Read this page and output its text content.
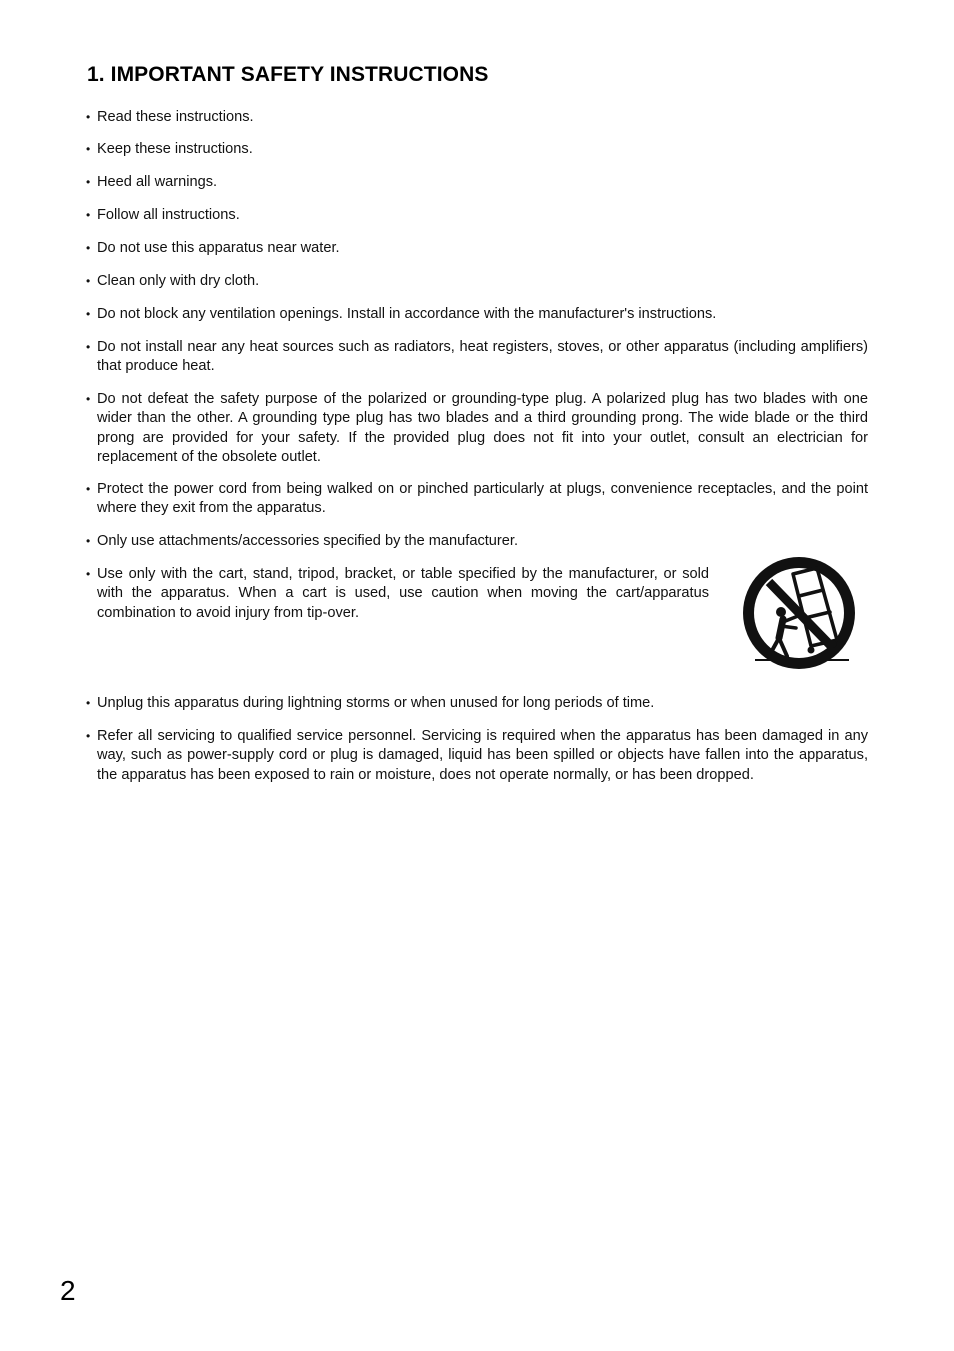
1. IMPORTANT SAFETY INSTRUCTIONS
• Read these instructions.
• Keep these instructions.
• Heed all warnings.
• Follow all instructions.
• Do not use this apparatus near water.
• Clean only with dry cloth.
• Do not block any ventilation openings. Install in accordance with the manufacturer's instructions.
• Do not install near any heat sources such as radiators, heat registers, stoves, or other apparatus (including amplifiers) that produce heat.
• Do not defeat the safety purpose of the polarized or grounding-type plug. A polarized plug has two blades with one wider than the other. A grounding type plug has two blades and a third grounding prong. The wide blade or the third prong are provided for your safety. If the provided plug does not fit into your outlet, consult an electrician for replacement of the obsolete outlet.
• Protect the power cord from being walked on or pinched particularly at plugs, convenience receptacles, and the point where they exit from the apparatus.
• Only use attachments/accessories specified by the manufacturer.
• Use only with the cart, stand, tripod, bracket, or table specified by the manufacturer, or sold with the apparatus. When a cart is used, use caution when moving the cart/apparatus combination to avoid injury from tip-over.
• Unplug this apparatus during lightning storms or when unused for long periods of time.
• Refer all servicing to qualified service personnel. Servicing is required when the apparatus has been damaged in any way, such as power-supply cord or plug is damaged, liquid has been spilled or objects have fallen into the apparatus, the apparatus has been exposed to rain or moisture, does not operate normally, or has been dropped.
2
